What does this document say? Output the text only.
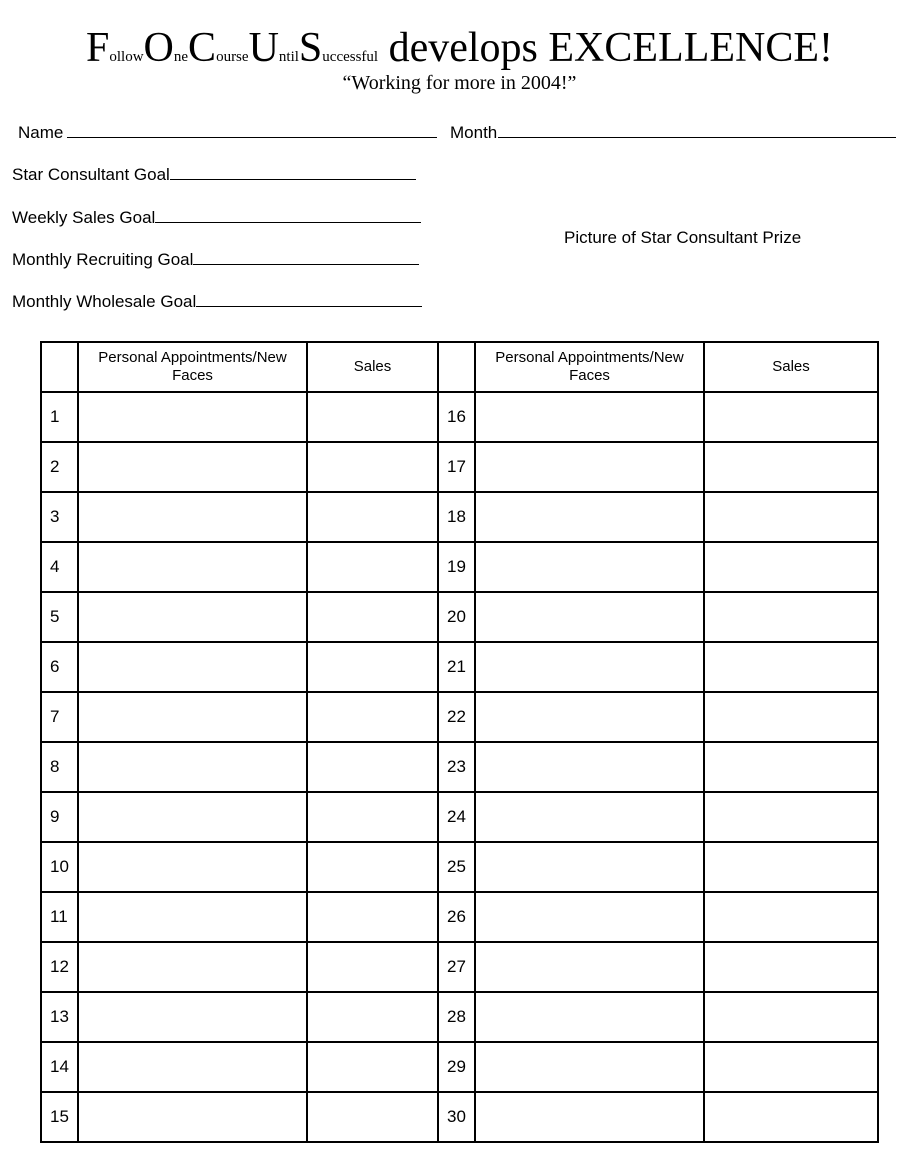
FollowOneCourseUntilSuccessful develops EXCELLENCE!
“Working for more in 2004!”
Name	Month
Star Consultant Goal
Weekly Sales Goal
Monthly Recruiting Goal
Monthly Wholesale Goal
Picture of Star Consultant Prize
	Personal Appointments/New Faces	Sales		Personal Appointments/New Faces	Sales
1			16		
2			17		
3			18		
4			19		
5			20		
6			21		
7			22		
8			23		
9			24		
10			25		
11			26		
12			27		
13			28		
14			29		
15			30		
